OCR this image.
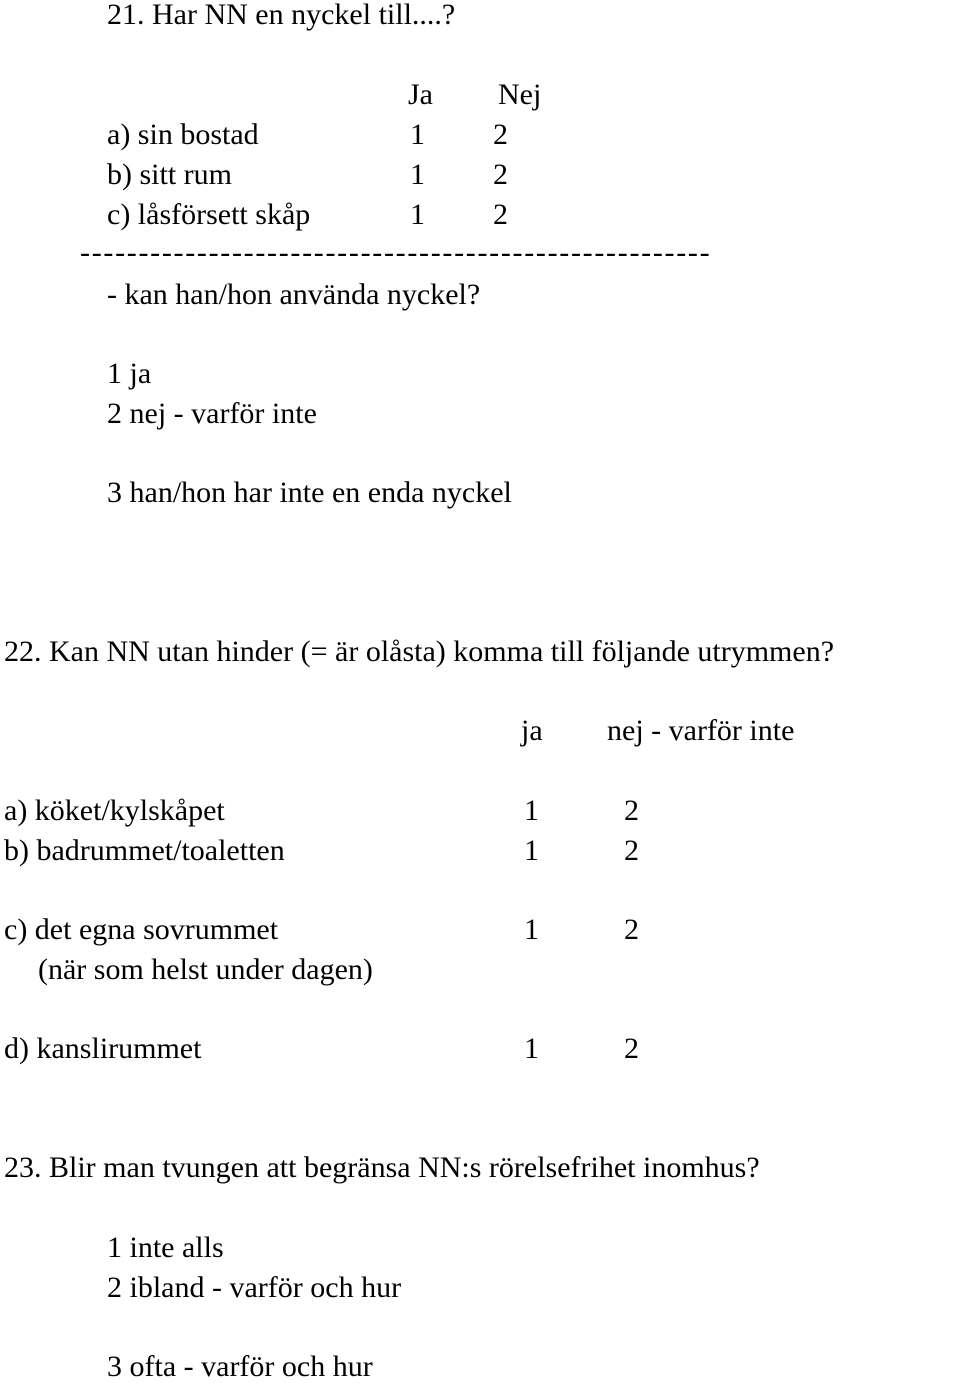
21. Har NN en nyckel till....?
Ja Nej
a) sin bostad	1 2
b) sitt rum	1 2
c) låsförsett skåp	1 2
------------------------------------------------------
- kan han/hon använda nyckel?
1 ja
2 nej - varför inte
3 han/hon har inte en enda nyckel
22. Kan NN utan hinder (= är olåsta) komma till följande utrymmen?
ja nej - varför inte
a) köket/kylskåpet	1	2
b) badrummet/toaletten	1	2
c) det egna sovrummet	1	2
(när som helst under dagen)
d) kanslirummet	1	2
23. Blir man tvungen att begränsa NN:s rörelsefrihet inomhus?
1 inte alls
2 ibland - varför och hur
3 ofta - varför och hur
